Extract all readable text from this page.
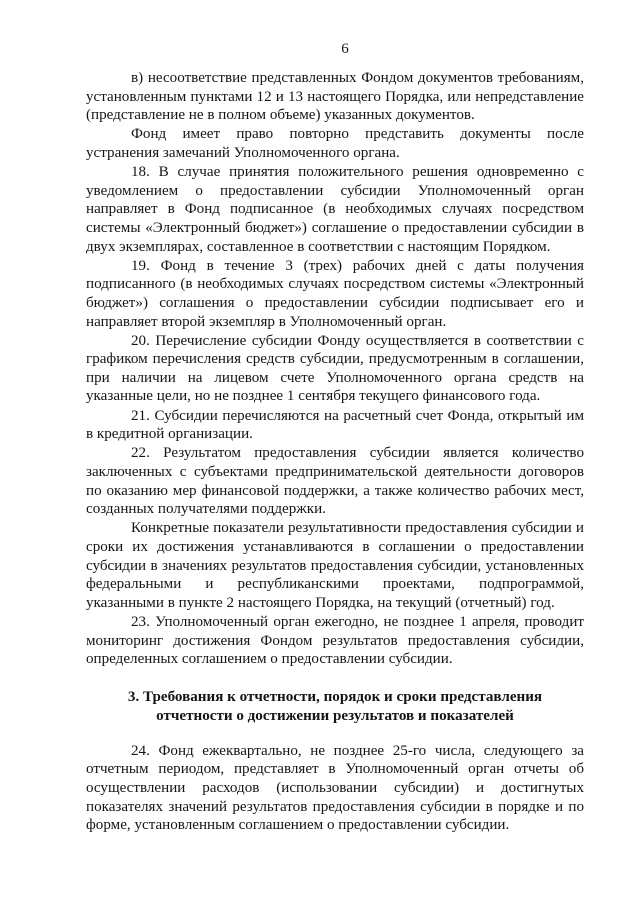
6

в) несоответствие представленных Фондом документов требованиям, установленным пунктами 12 и 13 настоящего Порядка, или непредставление (представление не в полном объеме) указанных документов.

Фонд имеет право повторно представить документы после устранения замечаний Уполномоченного органа.

18. В случае принятия положительного решения одновременно с уведомлением о предоставлении субсидии Уполномоченный орган направляет в Фонд подписанное (в необходимых случаях посредством системы «Электронный бюджет») соглашение о предоставлении субсидии в двух экземплярах, составленное в соответствии с настоящим Порядком.

19. Фонд в течение 3 (трех) рабочих дней с даты получения подписанного (в необходимых случаях посредством системы «Электронный бюджет») соглашения о предоставлении субсидии подписывает его и направляет второй экземпляр в Уполномоченный орган.

20. Перечисление субсидии Фонду осуществляется в соответствии с графиком перечисления средств субсидии, предусмотренным в соглашении, при наличии на лицевом счете Уполномоченного органа средств на указанные цели, но не позднее 1 сентября текущего финансового года.

21. Субсидии перечисляются на расчетный счет Фонда, открытый им в кредитной организации.

22. Результатом предоставления субсидии является количество заключенных с субъектами предпринимательской деятельности договоров по оказанию мер финансовой поддержки, а также количество рабочих мест, созданных получателями поддержки.

Конкретные показатели результативности предоставления субсидии и сроки их достижения устанавливаются в соглашении о предоставлении субсидии в значениях результатов предоставления субсидии, установленных федеральными и республиканскими проектами, подпрограммой, указанными в пункте 2 настоящего Порядка, на текущий (отчетный) год.

23. Уполномоченный орган ежегодно, не позднее 1 апреля, проводит мониторинг достижения Фондом результатов предоставления субсидии, определенных соглашением о предоставлении субсидии.

3. Требования к отчетности, порядок и сроки представления
отчетности о достижении результатов и показателей

24. Фонд ежеквартально, не позднее 25-го числа, следующего за отчетным периодом, представляет в Уполномоченный орган отчеты об осуществлении расходов (использовании субсидии) и достигнутых показателях значений результатов предоставления субсидии в порядке и по форме, установленным соглашением о предоставлении субсидии.
